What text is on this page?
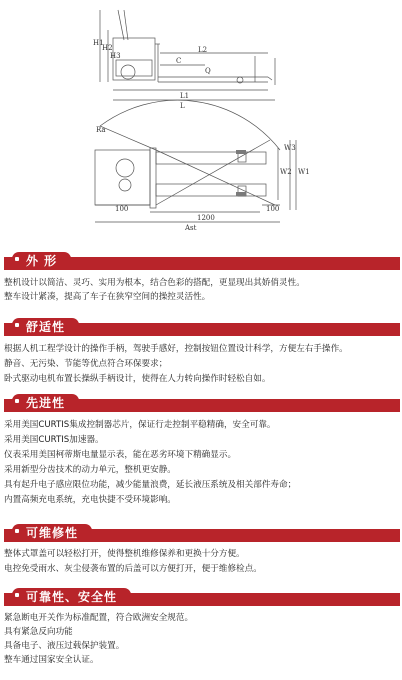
H1
H2
H3
L1
L2
L
C
Q
Ra
W2 W1
W3
100
1200
100
Ast
外 形
整机设计以简洁、灵巧、实用为根本，结合色彩的搭配，更显现出其娇俏灵性。
整车设计紧凑，提高了车子在狭窄空间的操控灵活性。
舒适性
根据人机工程学设计的操作手柄，驾驶手感好，控制按钮位置设计科学，方便左右手操作。
静音、无污染、节能等优点符合环保要求；
卧式驱动电机布置长操纵手柄设计，使得在人力转向操作时轻松自如。
先进性
采用美国CURTIS集成控制器芯片，保证行走控制平稳精确，安全可靠。
采用美国CURTIS加速器。
仪表采用美国柯蒂斯电量显示表，能在恶劣环境下精确显示。
采用新型分齿技术的动力单元，整机更安静。
具有起升电子感应限位功能，减少能量浪费，延长液压系统及相关部件寿命；
内置高频充电系统，充电快捷不受环境影响。
可维修性
整体式罩盖可以轻松打开，使得整机维修保养和更换十分方便。
电控免受雨水、灰尘侵袭布置的后盖可以方便打开，便于维修检点。
可靠性、安全性
紧急断电开关作为标准配置，符合欧洲安全规范。
具有紧急反向功能
具备电子、液压过载保护装置。
整车通过国家安全认证。
